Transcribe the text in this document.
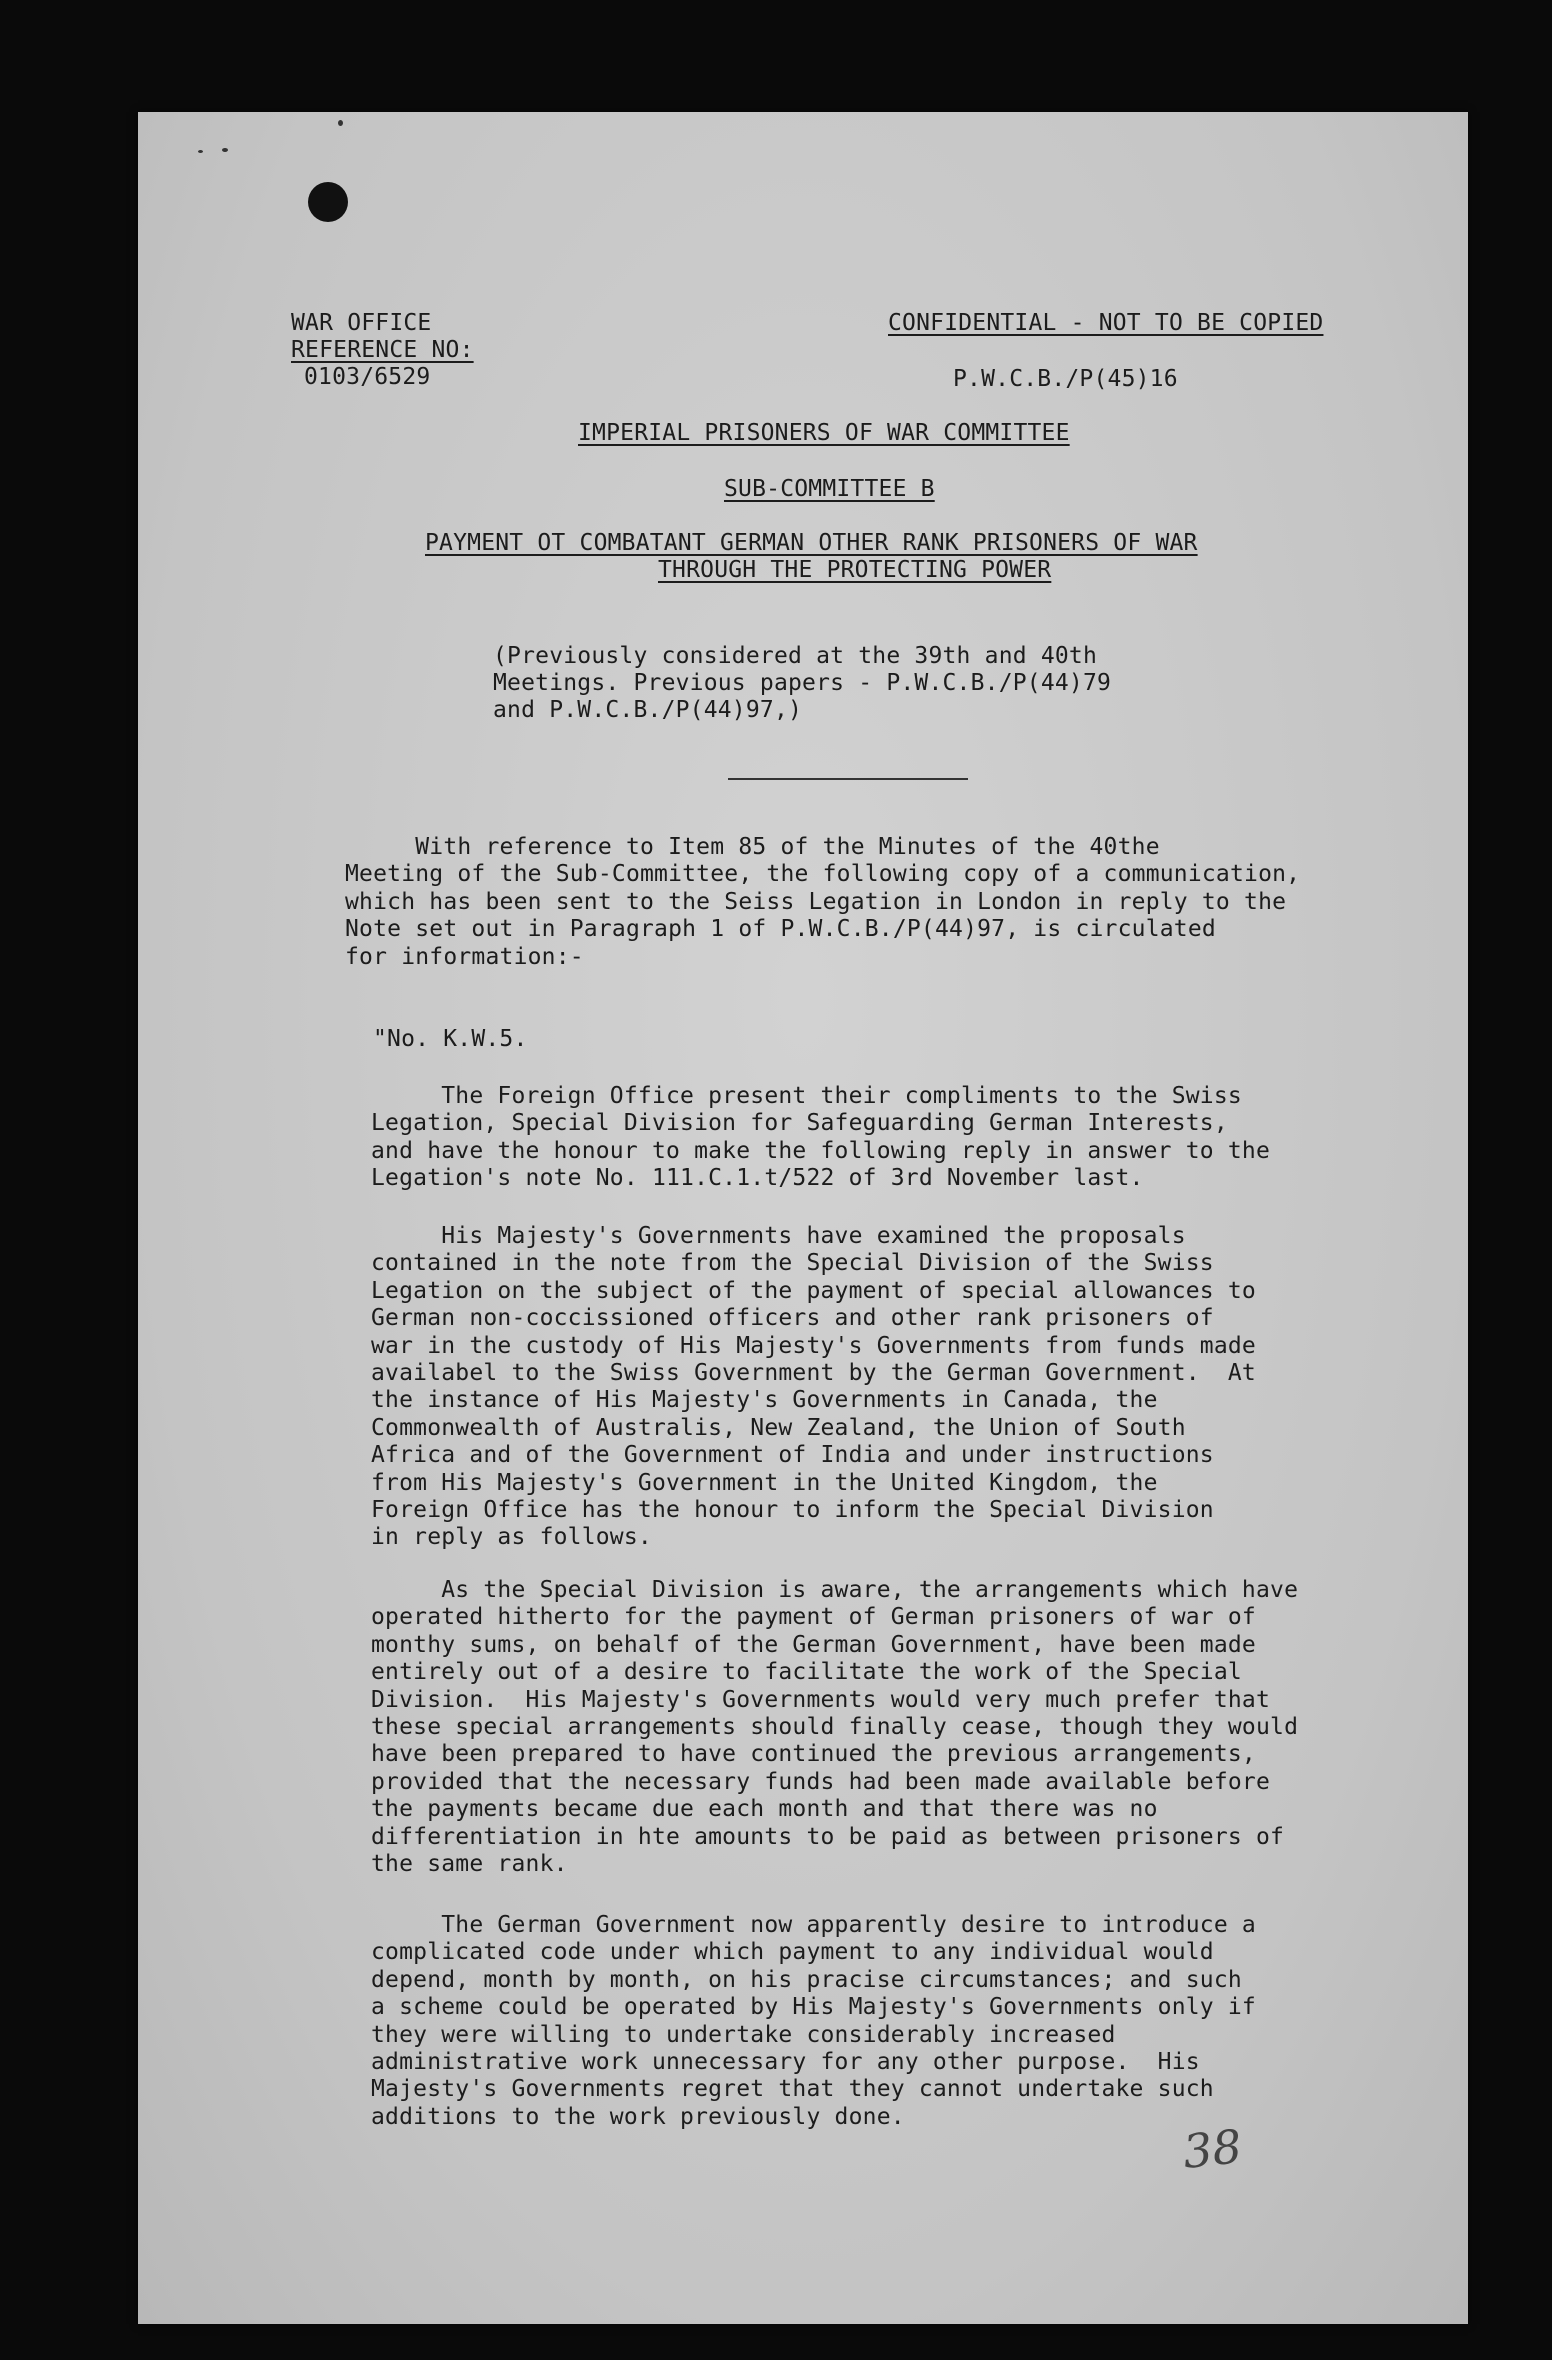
WAR OFFICE
REFERENCE NO:
0103/6529
CONFIDENTIAL - NOT TO BE COPIED
P.W.C.B./P(45)16
IMPERIAL PRISONERS OF WAR COMMITTEE
SUB-COMMITTEE B
PAYMENT OT COMBATANT GERMAN OTHER RANK PRISONERS OF WAR
THROUGH THE PROTECTING POWER
(Previously considered at the 39th and 40th
Meetings. Previous papers - P.W.C.B./P(44)79
and P.W.C.B./P(44)97,)
With reference to Item 85 of the Minutes of the 40the
Meeting of the Sub-Committee, the following copy of a communication,
which has been sent to the Seiss Legation in London in reply to the
Note set out in Paragraph 1 of P.W.C.B./P(44)97, is circulated
for information:-
"No. K.W.5.
The Foreign Office present their compliments to the Swiss
Legation, Special Division for Safeguarding German Interests,
and have the honour to make the following reply in answer to the
Legation's note No. 111.C.1.t/522 of 3rd November last.
His Majesty's Governments have examined the proposals
contained in the note from the Special Division of the Swiss
Legation on the subject of the payment of special allowances to
German non-coccissioned officers and other rank prisoners of
war in the custody of His Majesty's Governments from funds made
availabel to the Swiss Government by the German Government.  At
the instance of His Majesty's Governments in Canada, the
Commonwealth of Australis, New Zealand, the Union of South
Africa and of the Government of India and under instructions
from His Majesty's Government in the United Kingdom, the
Foreign Office has the honour to inform the Special Division
in reply as follows.
As the Special Division is aware, the arrangements which have
operated hitherto for the payment of German prisoners of war of
monthy sums, on behalf of the German Government, have been made
entirely out of a desire to facilitate the work of the Special
Division.  His Majesty's Governments would very much prefer that
these special arrangements should finally cease, though they would
have been prepared to have continued the previous arrangements,
provided that the necessary funds had been made available before
the payments became due each month and that there was no
differentiation in hte amounts to be paid as between prisoners of
the same rank.
The German Government now apparently desire to introduce a
complicated code under which payment to any individual would
depend, month by month, on his pracise circumstances; and such
a scheme could be operated by His Majesty's Governments only if
they were willing to undertake considerably increased
administrative work unnecessary for any other purpose.  His
Majesty's Governments regret that they cannot undertake such
additions to the work previously done.
38
